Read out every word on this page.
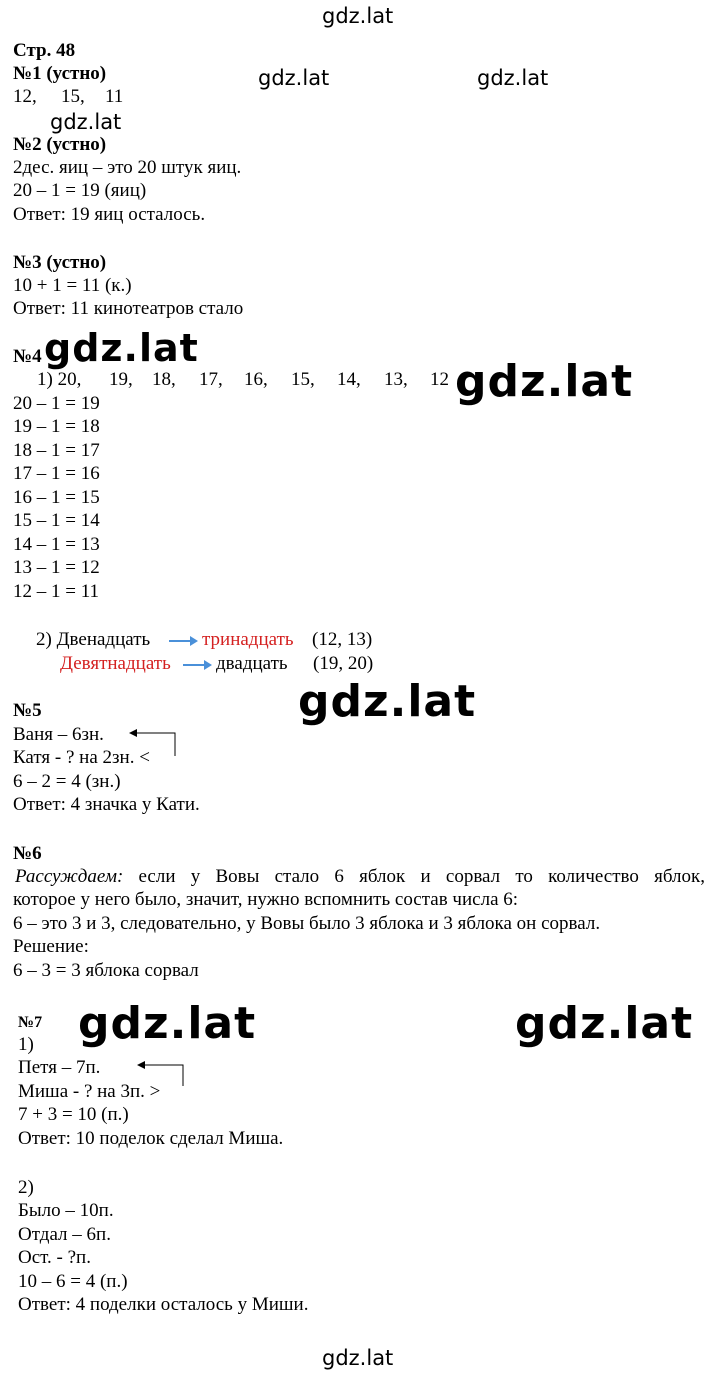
gdz.lat
gdz.lat	gdz.lat
gdz.lat
gdz.lat
gdz.lat
gdz.lat
gdz.lat	gdz.lat
gdz.lat
Стр. 48
№1 (устно)
12, 15, 11
№2 (устно)
2дес. яиц – это 20 штук яиц.
20 – 1 = 19 (яиц)
Ответ: 19 яиц осталось.
№3 (устно)
10 + 1 = 11 (к.)
Ответ: 11 кинотеатров стало
№4
1) 20, 19, 18, 17, 16, 15, 14, 13, 12
20 – 1 = 19
19 – 1 = 18
18 – 1 = 17
17 – 1 = 16
16 – 1 = 15
15 – 1 = 14
14 – 1 = 13
13 – 1 = 12
12 – 1 = 11
2) Двенадцать	тринадцать (12, 13)
Девятнадцать двадцать (19, 20)
№5
Ваня – 6зн.
Катя - ? на 2зн. <
6 – 2 = 4 (зн.)
Ответ: 4 значка у Кати.
№6
Рассуждаем: если у Вовы стало 6 яблок и сорвал то количество яблок,
которое у него было, значит, нужно вспомнить состав числа 6:
6 – это 3 и 3, следовательно, у Вовы было 3 яблока и 3 яблока он сорвал.
Решение:
6 – 3 = 3 яблока сорвал
№7
1)
Петя – 7п.
Миша - ? на 3п. >
7 + 3 = 10 (п.)
Ответ: 10 поделок сделал Миша.
2)
Было – 10п.
Отдал – 6п.
Ост. - ?п.
10 – 6 = 4 (п.)
Ответ: 4 поделки осталось у Миши.
